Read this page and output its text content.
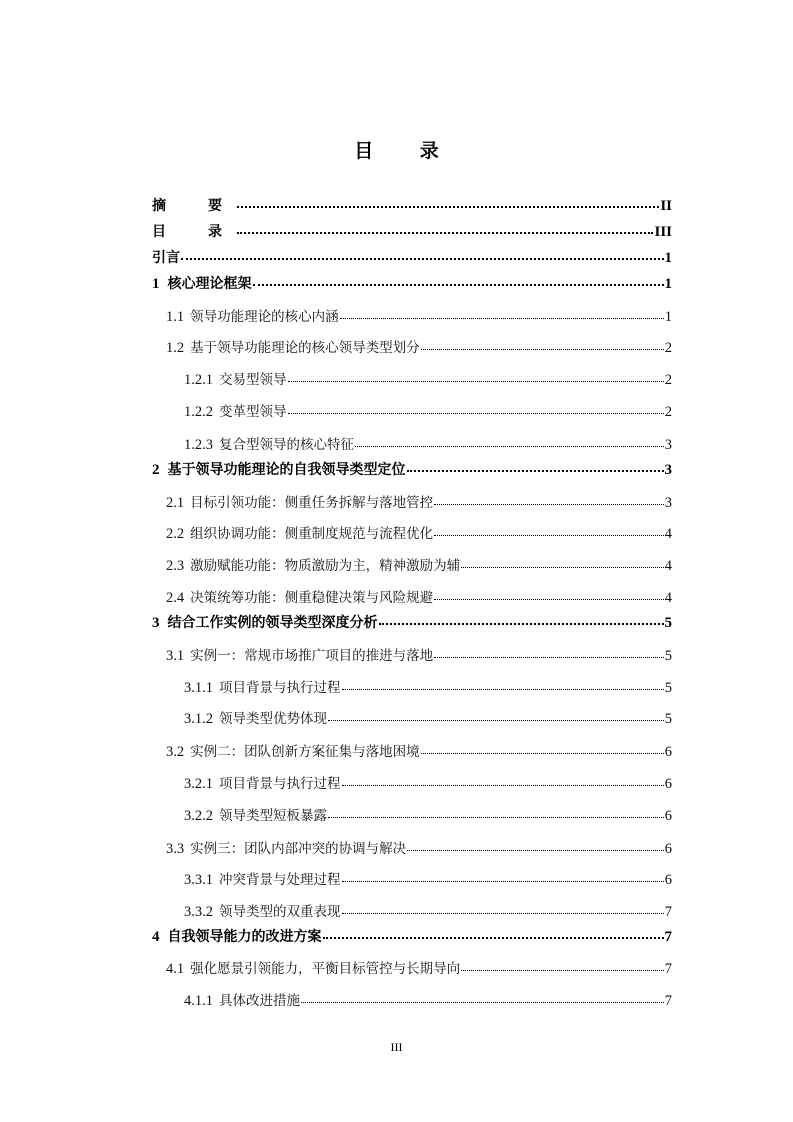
目 录
摘　要	II
目　录	III
引言	1
1 核心理论框架	1
1.1 领导功能理论的核心内涵	1
1.2 基于领导功能理论的核心领导类型划分	2
1.2.1 交易型领导	2
1.2.2 变革型领导	2
1.2.3 复合型领导的核心特征	3
2 基于领导功能理论的自我领导类型定位	3
2.1 目标引领功能：侧重任务拆解与落地管控	3
2.2 组织协调功能：侧重制度规范与流程优化	4
2.3 激励赋能功能：物质激励为主，精神激励为辅	4
2.4 决策统筹功能：侧重稳健决策与风险规避	4
3 结合工作实例的领导类型深度分析	5
3.1 实例一：常规市场推广项目的推进与落地	5
3.1.1 项目背景与执行过程	5
3.1.2 领导类型优势体现	5
3.2 实例二：团队创新方案征集与落地困境	6
3.2.1 项目背景与执行过程	6
3.2.2 领导类型短板暴露	6
3.3 实例三：团队内部冲突的协调与解决	6
3.3.1 冲突背景与处理过程	6
3.3.2 领导类型的双重表现	7
4 自我领导能力的改进方案	7
4.1 强化愿景引领能力，平衡目标管控与长期导向	7
4.1.1 具体改进措施	7
III
